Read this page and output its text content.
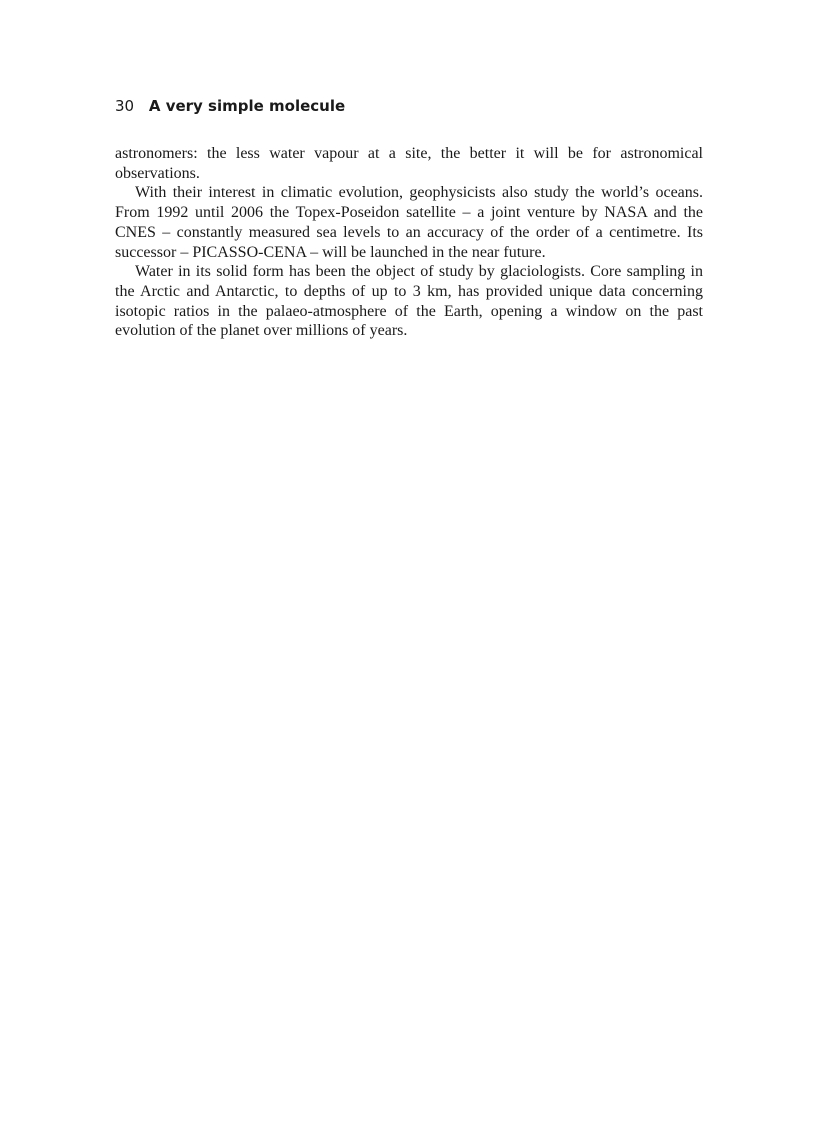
30 A very simple molecule

astronomers: the less water vapour at a site, the better it will be for astronomical observations.

With their interest in climatic evolution, geophysicists also study the world’s oceans. From 1992 until 2006 the Topex-Poseidon satellite – a joint venture by NASA and the CNES – constantly measured sea levels to an accuracy of the order of a centimetre. Its successor – PICASSO-CENA – will be launched in the near future.

Water in its solid form has been the object of study by glaciologists. Core sampling in the Arctic and Antarctic, to depths of up to 3 km, has provided unique data concerning isotopic ratios in the palaeo-atmosphere of the Earth, opening a window on the past evolution of the planet over millions of years.
